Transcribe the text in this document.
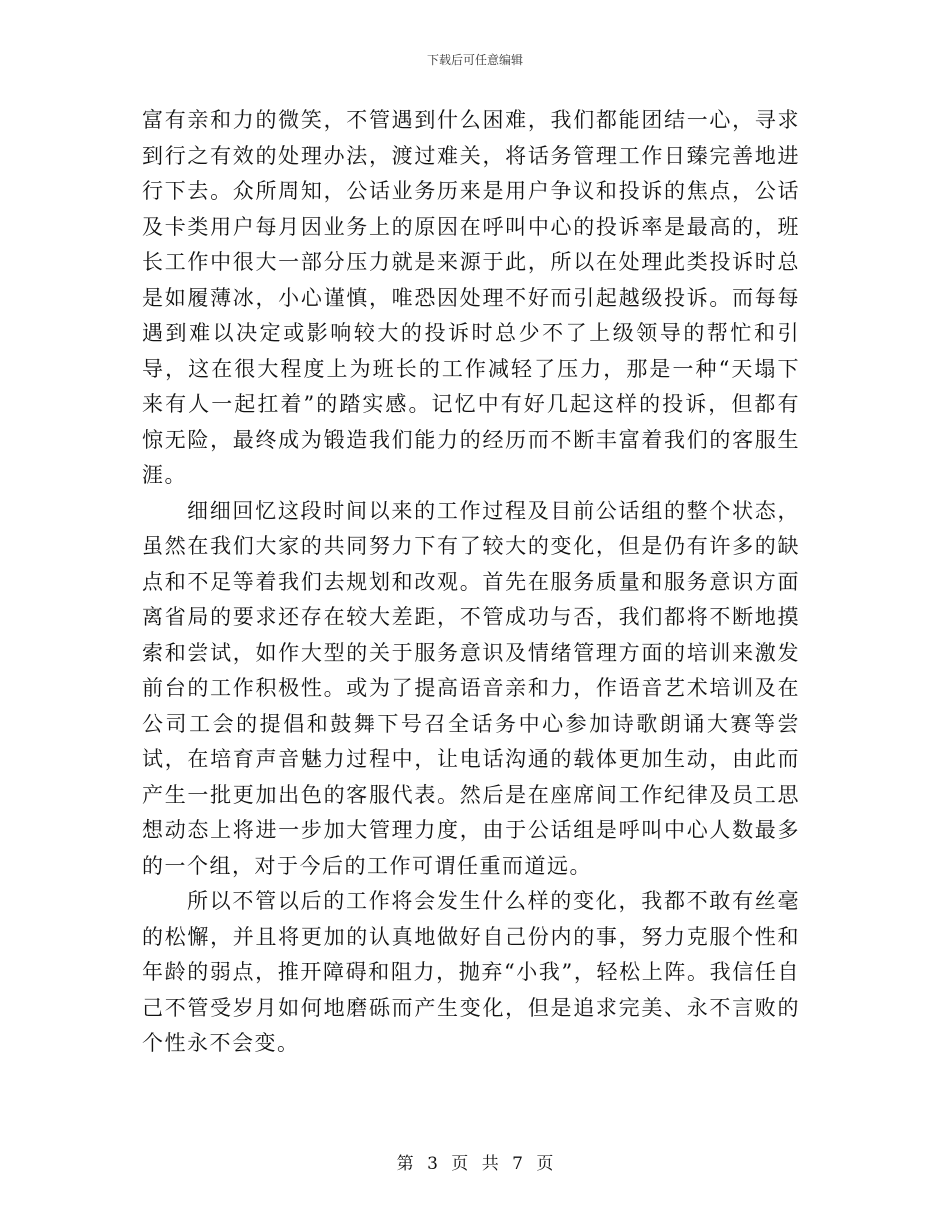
下载后可任意编辑

富有亲和力的微笑，不管遇到什么困难，我们都能团结一心，寻求到行之有效的处理办法，渡过难关，将话务管理工作日臻完善地进行下去。众所周知，公话业务历来是用户争议和投诉的焦点，公话及卡类用户每月因业务上的原因在呼叫中心的投诉率是最高的，班长工作中很大一部分压力就是来源于此，所以在处理此类投诉时总是如履薄冰，小心谨慎，唯恐因处理不好而引起越级投诉。而每每遇到难以决定或影响较大的投诉时总少不了上级领导的帮忙和引导，这在很大程度上为班长的工作减轻了压力，那是一种“天塌下来有人一起扛着”的踏实感。记忆中有好几起这样的投诉，但都有惊无险，最终成为锻造我们能力的经历而不断丰富着我们的客服生涯。

细细回忆这段时间以来的工作过程及目前公话组的整个状态，虽然在我们大家的共同努力下有了较大的变化，但是仍有许多的缺点和不足等着我们去规划和改观。首先在服务质量和服务意识方面离省局的要求还存在较大差距，不管成功与否，我们都将不断地摸索和尝试，如作大型的关于服务意识及情绪管理方面的培训来激发前台的工作积极性。或为了提高语音亲和力，作语音艺术培训及在公司工会的提倡和鼓舞下号召全话务中心参加诗歌朗诵大赛等尝试，在培育声音魅力过程中，让电话沟通的载体更加生动，由此而产生一批更加出色的客服代表。然后是在座席间工作纪律及员工思想动态上将进一步加大管理力度，由于公话组是呼叫中心人数最多的一个组，对于今后的工作可谓任重而道远。

所以不管以后的工作将会发生什么样的变化，我都不敢有丝毫的松懈，并且将更加的认真地做好自己份内的事，努力克服个性和年龄的弱点，推开障碍和阻力，抛弃“小我”，轻松上阵。我信任自己不管受岁月如何地磨砾而产生变化，但是追求完美、永不言败的个性永不会变。

第 3 页 共 7 页
